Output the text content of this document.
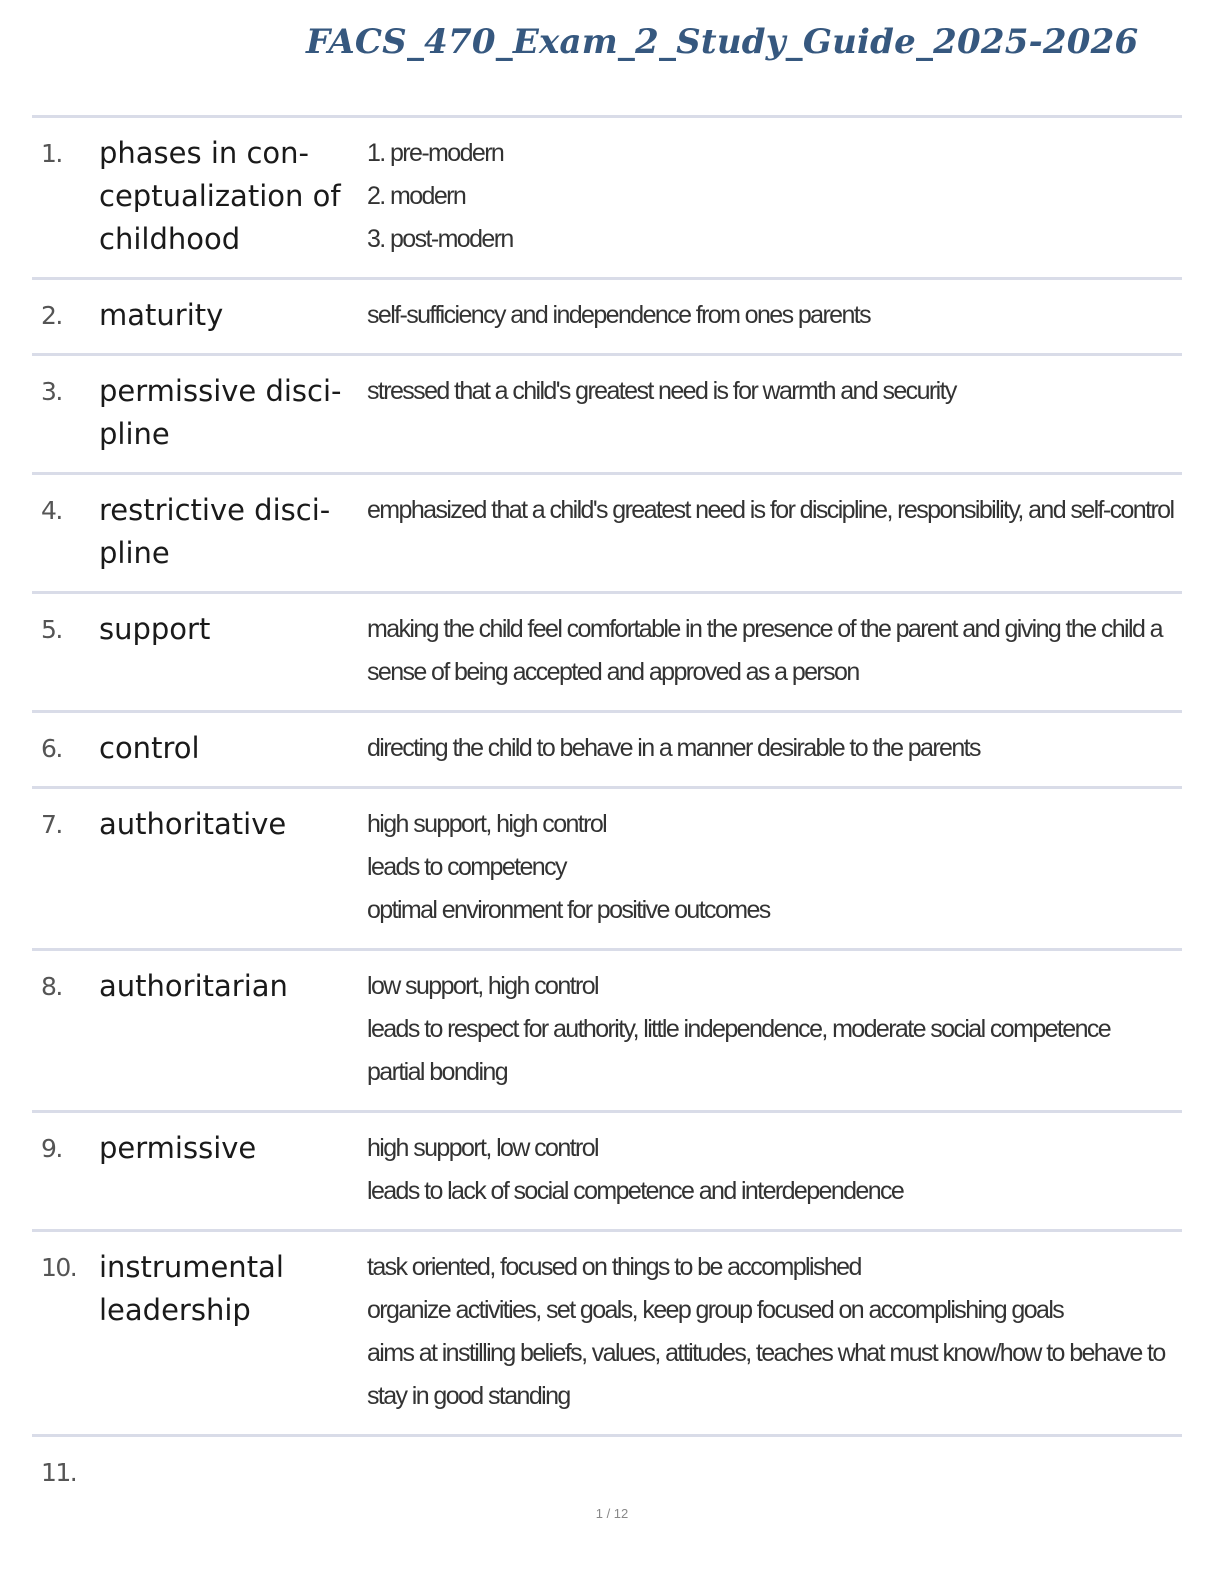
FACS_470_Exam_2_Study_Guide_2025-2026
1.	phases in con-ceptualization of childhood
1. pre-modern
2. modern
3. post-modern
2.	maturity	self-sufficiency and independence from ones parents
3.	permissive disci-pline
stressed that a child's greatest need is for warmth and security
4.	restrictive disci-pline
emphasized that a child's greatest need is for discipline, responsibility, and self-control
5.	support	making the child feel comfortable in the presence of the parent and giving the child a sense of being accepted and approved as a person
6.	control	directing the child to behave in a manner desirable to the parents
7.	authoritative	high support, high control
leads to competency
optimal environment for positive outcomes
8.	authoritarian	low support, high control
leads to respect for authority, little independence, moderate social competence
partial bonding
9.	permissive	high support, low control
leads to lack of social competence and interdependence
10. instrumental leadership
task oriented, focused on things to be accomplished
organize activities, set goals, keep group focused on accomplishing goals
aims at instilling beliefs, values, attitudes, teaches what must know/how to behave to stay in good standing
11.
1 / 12
